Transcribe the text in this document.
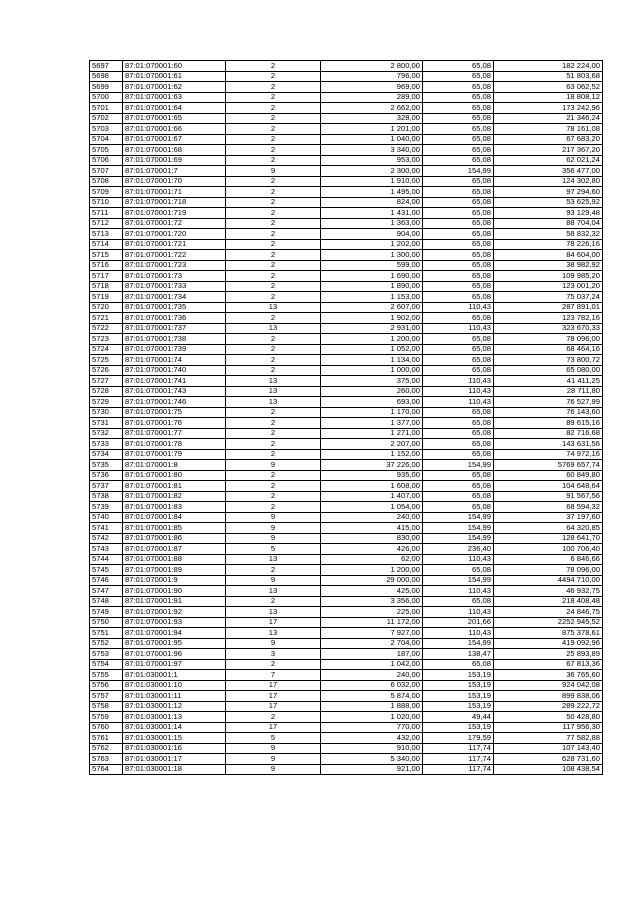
5697	87:01:070001:60	2	2 800,00	65,08	182 224,00
5698	87:01:070001:61	2	796,00	65,08	51 803,68
5699	87:01:070001:62	2	969,00	65,08	63 062,52
5700	87:01:070001:63	2	289,00	65,08	18 808,12
5701	87:01:070001:64	2	2 662,00	65,08	173 242,96
5702	87:01:070001:65	2	328,00	65,08	21 346,24
5703	87:01:070001:66	2	1 201,00	65,08	78 161,08
5704	87:01:070001:67	2	1 040,00	65,08	67 683,20
5705	87:01:070001:68	2	3 340,00	65,08	217 367,20
5706	87:01:070001:69	2	953,00	65,08	62 021,24
5707	87:01:070001:7	9	2 300,00	154,99	356 477,00
5708	87:01:070001:70	2	1 910,00	65,08	124 302,80
5709	87:01:070001:71	2	1 495,00	65,08	97 294,60
5710	87:01:070001:718	2	824,00	65,08	53 625,92
5711	87:01:070001:719	2	1 431,00	65,08	93 129,48
5712	87:01:070001:72	2	1 363,00	65,08	88 704,04
5713	87:01:070001:720	2	904,00	65,08	58 832,32
5714	87:01:070001:721	2	1 202,00	65,08	78 226,16
5715	87:01:070001:722	2	1 300,00	65,08	84 604,00
5716	87:01:070001:723	2	599,00	65,08	38 982,92
5717	87:01:070001:73	2	1 690,00	65,08	109 985,20
5718	87:01:070001:733	2	1 890,00	65,08	123 001,20
5719	87:01:070001:734	2	1 153,00	65,08	75 037,24
5720	87:01:070001:735	13	2 607,00	110,43	287 891,01
5721	87:01:070001:736	2	1 902,00	65,08	123 782,16
5722	87:01:070001:737	13	2 931,00	110,43	323 670,33
5723	87:01:070001:738	2	1 200,00	65,08	78 096,00
5724	87:01:070001:739	2	1 052,00	65,08	68 464,16
5725	87:01:070001:74	2	1 134,00	65,08	73 800,72
5726	87:01:070001:740	2	1 000,00	65,08	65 080,00
5727	87:01:070001:741	13	375,00	110,43	41 411,25
5728	87:01:070001:743	13	260,00	110,43	28 711,80
5729	87:01:070001:746	13	693,00	110,43	76 527,99
5730	87:01:070001:75	2	1 170,00	65,08	76 143,60
5731	87:01:070001:76	2	1 377,00	65,08	89 615,16
5732	87:01:070001:77	2	1 271,00	65,08	82 716,68
5733	87:01:070001:78	2	2 207,00	65,08	143 631,56
5734	87:01:070001:79	2	1 152,00	65,08	74 972,16
5735	87:01:070001:8	9	37 226,00	154,99	5769 657,74
5736	87:01:070001:80	2	935,00	65,08	60 849,80
5737	87:01:070001:81	2	1 608,00	65,08	104 648,64
5738	87:01:070001:82	2	1 407,00	65,08	91 567,56
5739	87:01:070001:83	2	1 054,00	65,08	68 594,32
5740	87:01:070001:84	9	240,00	154,99	37 197,60
5741	87:01:070001:85	9	415,00	154,99	64 320,85
5742	87:01:070001:86	9	830,00	154,99	128 641,70
5743	87:01:070001:87	5	426,00	236,40	100 706,40
5744	87:01:070001:88	13	62,00	110,43	6 846,66
5745	87:01:070001:89	2	1 200,00	65,08	78 096,00
5746	87:01:070001:9	9	29 000,00	154,99	4494 710,00
5747	87:01:070001:90	13	425,00	110,43	46 932,75
5748	87:01:070001:91	2	3 356,00	65,08	218 408,48
5749	87:01:070001:92	13	225,00	110,43	24 846,75
5750	87:01:070001:93	17	11 172,00	201,66	2252 945,52
5751	87:01:070001:94	13	7 927,00	110,43	875 378,61
5752	87:01:070001:95	9	2 704,00	154,99	419 092,96
5753	87:01:070001:96	3	187,00	138,47	25 893,89
5754	87:01:070001:97	2	1 042,00	65,08	67 813,36
5755	87:01:030001:1	7	240,00	153,19	36 765,60
5756	87:01:030001:10	17	6 032,00	153,19	924 042,08
5757	87:01:030001:11	17	5 874,00	153,19	899 838,06
5758	87:01:030001:12	17	1 888,00	153,19	289 222,72
5759	87:01:030001:13	2	1 020,00	49,44	50 428,80
5760	87:01:030001:14	17	770,00	153,19	117 956,30
5761	87:01:030001:15	5	432,00	179,59	77 582,88
5762	87:01:030001:16	9	910,00	117,74	107 143,40
5763	87:01:030001:17	9	5 340,00	117,74	628 731,60
5764	87:01:030001:18	9	921,00	117,74	108 438,54
